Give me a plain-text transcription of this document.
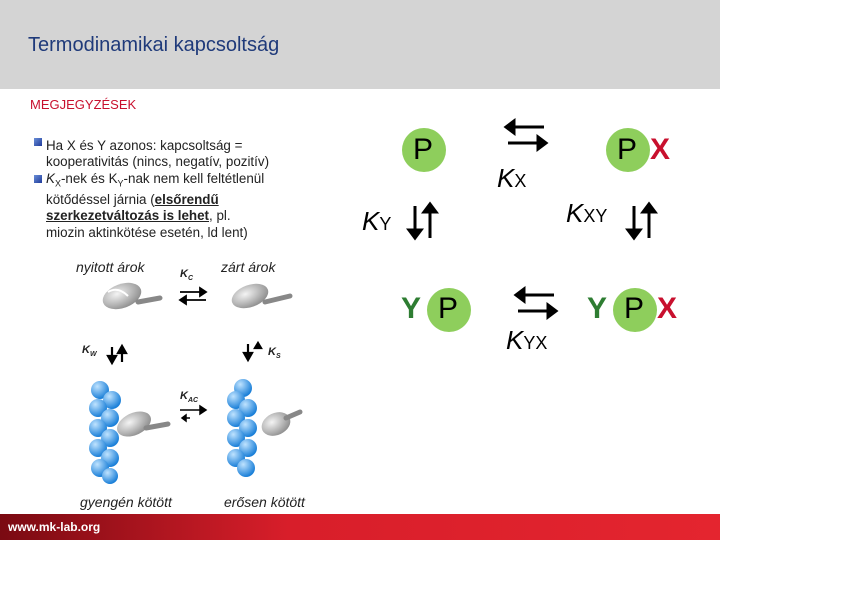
Termodinamikai kapcsoltság
MEGJEGYZÉSEK
Ha X és Y azonos: kapcsoltság =
kooperativitás (nincs, negatív, pozitív)
$K_X$-nek és $K_Y$-nak nem kell feltétlenül
kötődéssel járnia (elsőrendű
szerkezetváltozás is lehet, pl.
miozin aktinkötése esetén, ld lent)
nyitott árok	zárt árok
$K_C$
$K_W$	$K_S$
$K_{AC}$
gyengén kötött	erősen kötött
P	P X
Y P	Y P X
KX
KY	KXY
KYX
www.mk-lab.org
